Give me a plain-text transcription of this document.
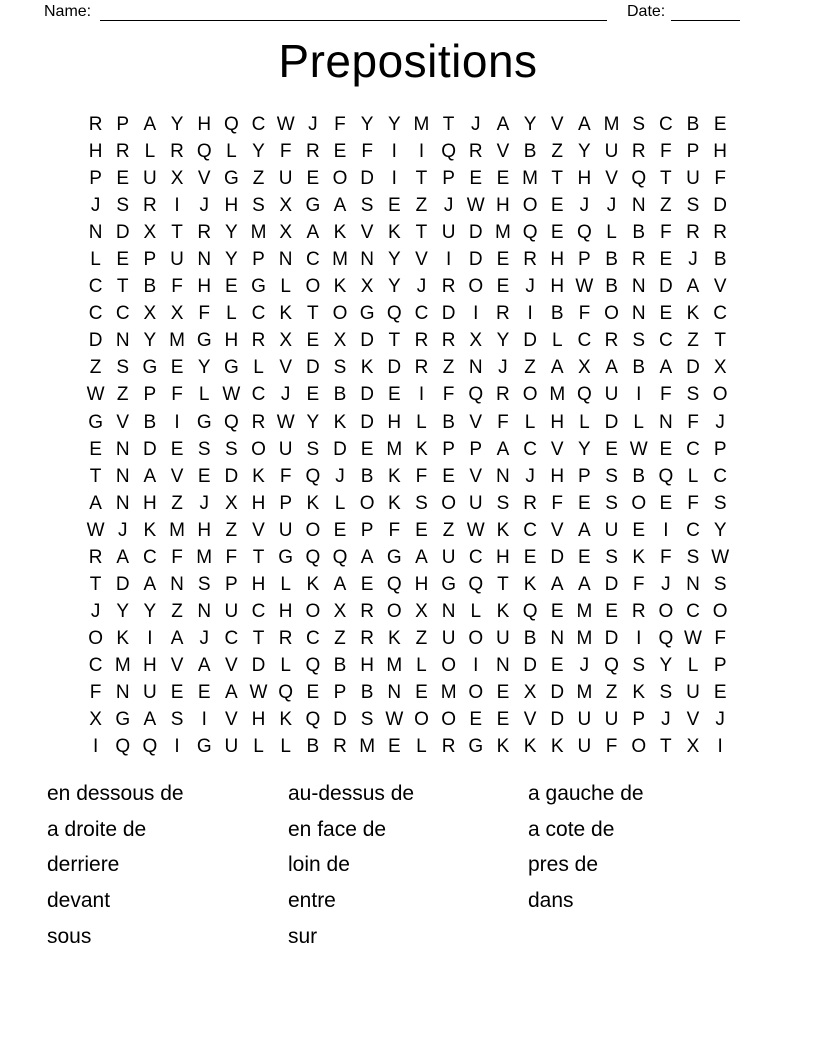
Name:	Date:
Prepositions
R P A Y H Q C W J F Y Y M T J A Y V A M S C B E
H R L R Q L Y F R E F I	I Q R V B Z Y U R F P H
P E U X V G Z U E O D I T P E E M T H V Q T U F
J S R I	J H S X G A S E Z J W H O E J J N Z S D
N D X T R Y M X A K V K T U D M Q E Q L B F R R
L E P U N Y P N C M N Y V I D E R H P B R E J B
C T B F H E G L O K X Y J R O E J H W B N D A V
C C X X F L C K T O G Q C D I R I B F O N E K C
D N Y M G H R X E X D T R R X Y D L C R S C Z T
Z S G E Y G L V D S K D R Z N J Z A X A B A D X
W Z P F L W C J E B D E I F Q R O M Q U I F S O
G V B I G Q R W Y K D H L B V F L H L D L N F J
E N D E S S O U S D E M K P P A C V Y E W E C P
T N A V E D K F Q J B K F E V N J H P S B Q L C
A N H Z J X H P K L O K S O U S R F E S O E F S
W J K M H Z V U O E P F E Z W K C V A U E I C Y
R A C F M F T G Q Q A G A U C H E D E S K F S W
T D A N S P H L K A E Q H G Q T K A A D F J N S
J Y Y Z N U C H O X R O X N L K Q E M E R O C O
O K I A J C T R C Z R K Z U O U B N M D I Q W F
C M H V A V D L Q B H M L O I N D E J Q S Y L P
F N U E E A W Q E P B N E M O E X D M Z K S U E
X G A S I V H K Q D S W O O E E V D U U P J V J
I Q Q I G U L L B R M E L R G K K K U F O T X I
en dessous de
a droite de
derriere
devant
sous
au-dessus de
en face de
loin de
entre
sur
a gauche de
a cote de
pres de
dans
